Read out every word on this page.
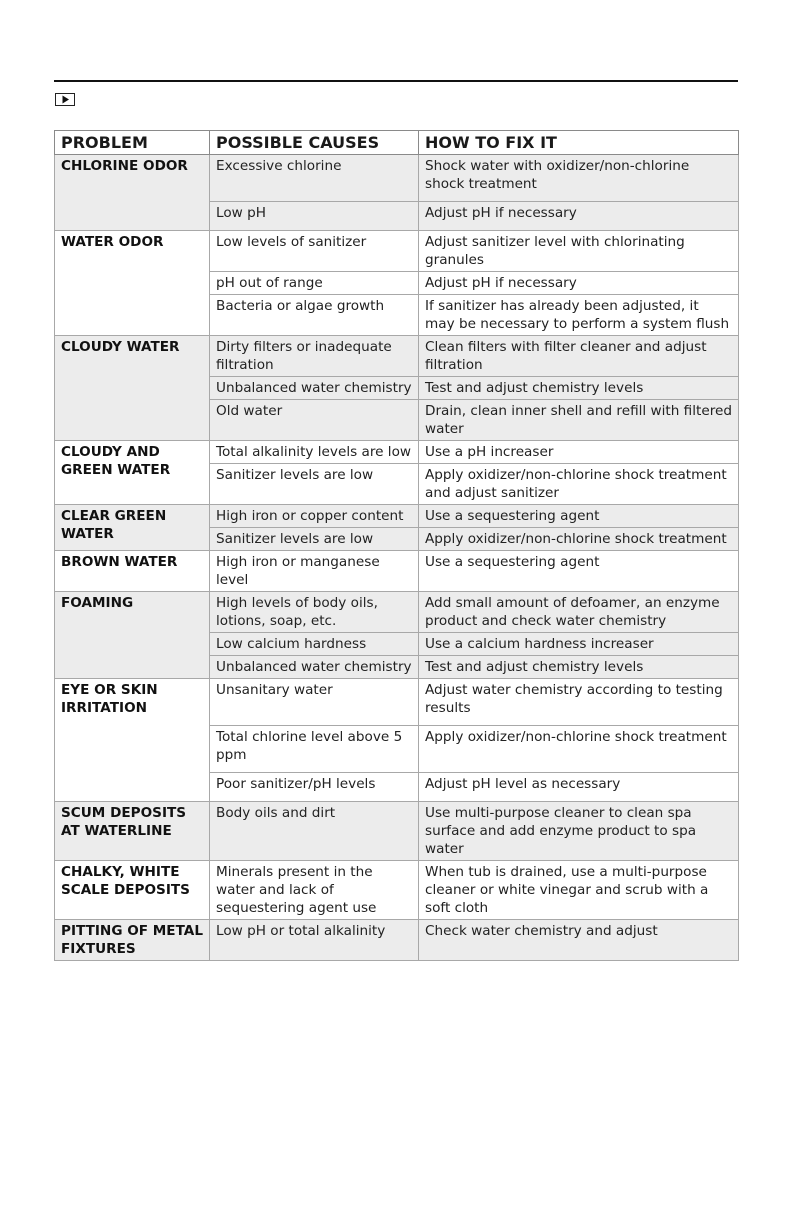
PROBLEM	POSSIBLE CAUSES	HOW TO FIX IT
CHLORINE ODOR	Excessive chlorine	Shock water with oxidizer/non-chlorine shock treatment
	Low pH	Adjust pH if necessary
WATER ODOR	Low levels of sanitizer	Adjust sanitizer level with chlorinating granules
	pH out of range	Adjust pH if necessary
	Bacteria or algae growth	If sanitizer has already been adjusted, it may be necessary to perform a system flush
CLOUDY WATER	Dirty filters or inadequate filtration	Clean filters with filter cleaner and adjust filtration
	Unbalanced water chemistry	Test and adjust chemistry levels
	Old water	Drain, clean inner shell and refill with filtered water
CLOUDY AND GREEN WATER	Total alkalinity levels are low	Use a pH increaser
	Sanitizer levels are low	Apply oxidizer/non-chlorine shock treatment and adjust sanitizer
CLEAR GREEN WATER	High iron or copper content	Use a sequestering agent
	Sanitizer levels are low	Apply oxidizer/non-chlorine shock treatment
BROWN WATER	High iron or manganese level	Use a sequestering agent
FOAMING	High levels of body oils, lotions, soap, etc.	Add small amount of defoamer, an enzyme product and check water chemistry
	Low calcium hardness	Use a calcium hardness increaser
	Unbalanced water chemistry	Test and adjust chemistry levels
EYE OR SKIN IRRITATION	Unsanitary water	Adjust water chemistry according to testing results
	Total chlorine level above 5 ppm	Apply oxidizer/non-chlorine shock treatment
	Poor sanitizer/pH levels	Adjust pH level as necessary
SCUM DEPOSITS AT WATERLINE	Body oils and dirt	Use multi-purpose cleaner to clean spa surface and add enzyme product to spa water
CHALKY, WHITE SCALE DEPOSITS	Minerals present in the water and lack of sequestering agent use	When tub is drained, use a multi-purpose cleaner or white vinegar and scrub with a soft cloth
PITTING OF METAL FIXTURES	Low pH or total alkalinity	Check water chemistry and adjust
